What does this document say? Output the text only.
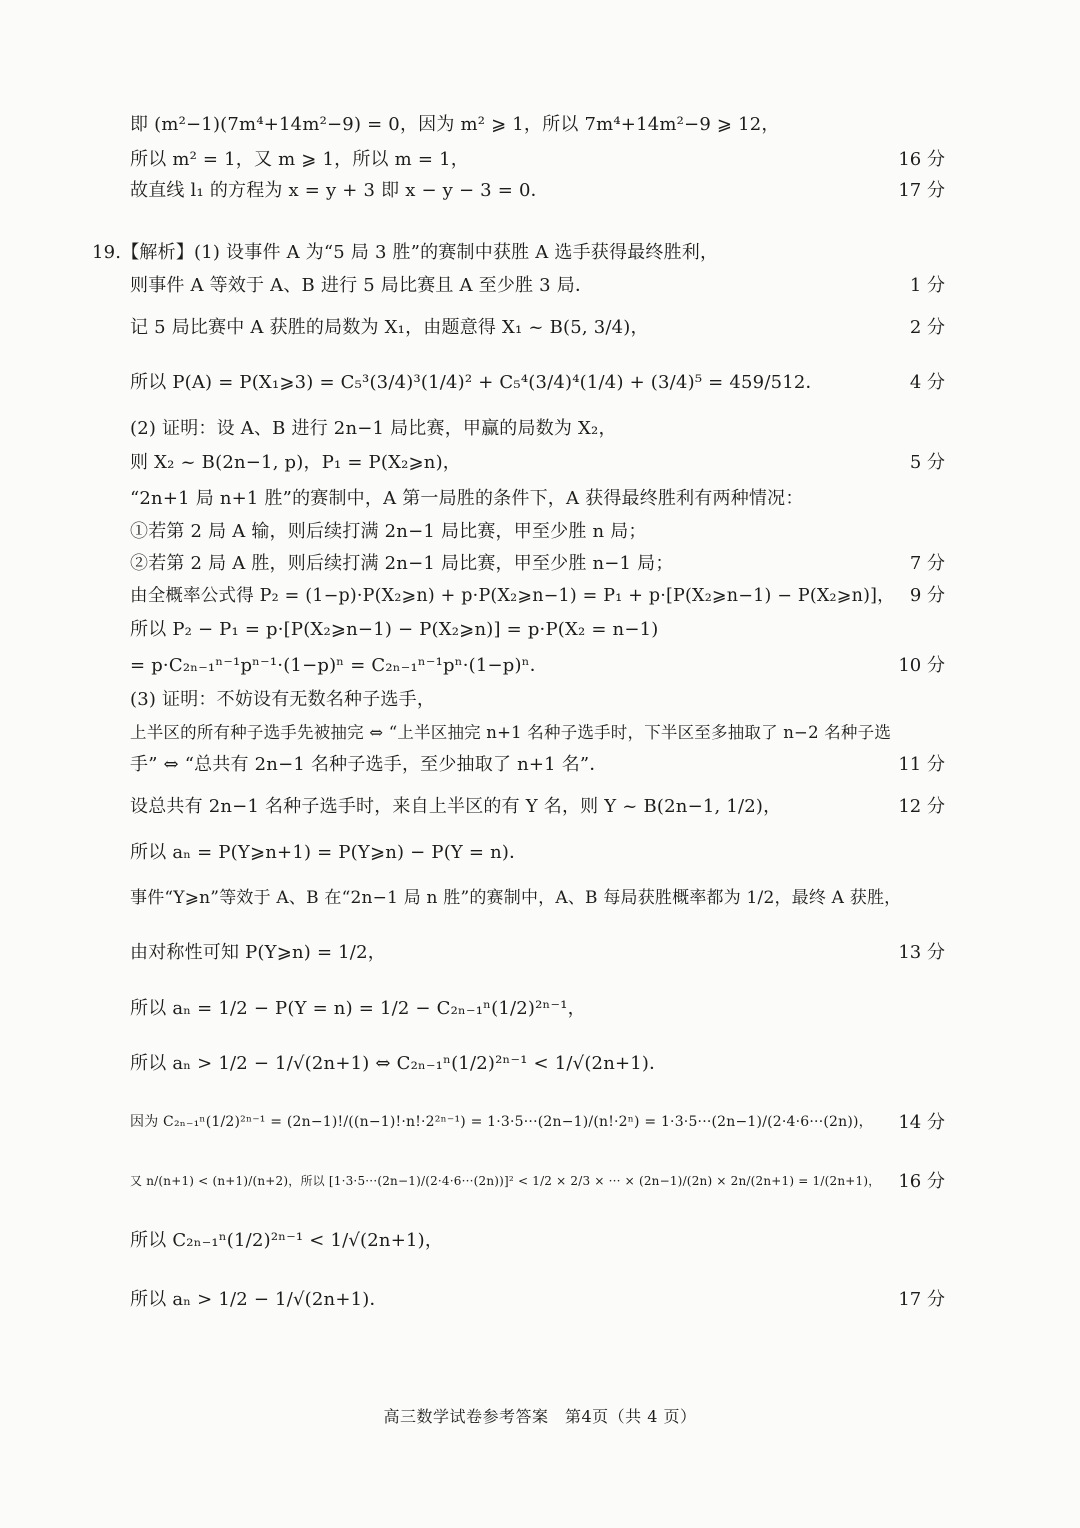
即 (m²−1)(7m⁴+14m²−9) = 0，因为 m² ⩾ 1，所以 7m⁴+14m²−9 ⩾ 12，
所以 m² = 1，又 m ⩾ 1，所以 m = 1，	16 分
故直线 l₁ 的方程为 x = y + 3 即 x − y − 3 = 0．	17 分
19.【解析】(1) 设事件 A 为“5 局 3 胜”的赛制中获胜 A 选手获得最终胜利，
则事件 A 等效于 A、B 进行 5 局比赛且 A 至少胜 3 局．	1 分
记 5 局比赛中 A 获胜的局数为 X₁，由题意得 X₁ ~ B(5, 3/4)，	2 分
所以 P(A) = P(X₁⩾3) = C₅³(3/4)³(1/4)² + C₅⁴(3/4)⁴(1/4) + (3/4)⁵ = 459/512．	4 分
(2) 证明：设 A、B 进行 2n−1 局比赛，甲赢的局数为 X₂，
则 X₂ ~ B(2n−1, p)，P₁ = P(X₂⩾n)，	5 分
“2n+1 局 n+1 胜”的赛制中，A 第一局胜的条件下，A 获得最终胜利有两种情况：
①若第 2 局 A 输，则后续打满 2n−1 局比赛，甲至少胜 n 局；
②若第 2 局 A 胜，则后续打满 2n−1 局比赛，甲至少胜 n−1 局；	7 分
由全概率公式得 P₂ = (1−p)·P(X₂⩾n) + p·P(X₂⩾n−1) = P₁ + p·[P(X₂⩾n−1) − P(X₂⩾n)]， 9 分
所以 P₂ − P₁ = p·[P(X₂⩾n−1) − P(X₂⩾n)] = p·P(X₂ = n−1)
= p·C₂ₙ₋₁ⁿ⁻¹pⁿ⁻¹·(1−p)ⁿ = C₂ₙ₋₁ⁿ⁻¹pⁿ·(1−p)ⁿ．	10 分
(3) 证明：不妨设有无数名种子选手，
上半区的所有种子选手先被抽完 ⇔ “上半区抽完 n+1 名种子选手时，下半区至多抽取了 n−2 名种子选
手” ⇔ “总共有 2n−1 名种子选手，至少抽取了 n+1 名”．	11 分
设总共有 2n−1 名种子选手时，来自上半区的有 Y 名，则 Y ~ B(2n−1, 1/2)，	12 分
所以 aₙ = P(Y⩾n+1) = P(Y⩾n) − P(Y = n)．
事件“Y⩾n”等效于 A、B 在“2n−1 局 n 胜”的赛制中，A、B 每局获胜概率都为 1/2，最终 A 获胜，
由对称性可知 P(Y⩾n) = 1/2，	13 分
所以 aₙ = 1/2 − P(Y = n) = 1/2 − C₂ₙ₋₁ⁿ(1/2)²ⁿ⁻¹，
所以 aₙ > 1/2 − 1/√(2n+1) ⇔ C₂ₙ₋₁ⁿ(1/2)²ⁿ⁻¹ < 1/√(2n+1)．
因为 C₂ₙ₋₁ⁿ(1/2)²ⁿ⁻¹ = (2n−1)!/((n−1)!·n!·2²ⁿ⁻¹) = 1·3·5···(2n−1)/(n!·2ⁿ) = 1·3·5···(2n−1)/(2·4·6···(2n))，	14 分
又 n/(n+1) < (n+1)/(n+2)，所以 [1·3·5···(2n−1)/(2·4·6···(2n))]² < 1/2 × 2/3 × ··· × (2n−1)/(2n) × 2n/(2n+1) = 1/(2n+1)， 16 分
所以 C₂ₙ₋₁ⁿ(1/2)²ⁿ⁻¹ < 1/√(2n+1)，
所以 aₙ > 1/2 − 1/√(2n+1)．	17 分
高三数学试卷参考答案　第4页（共 4 页）
